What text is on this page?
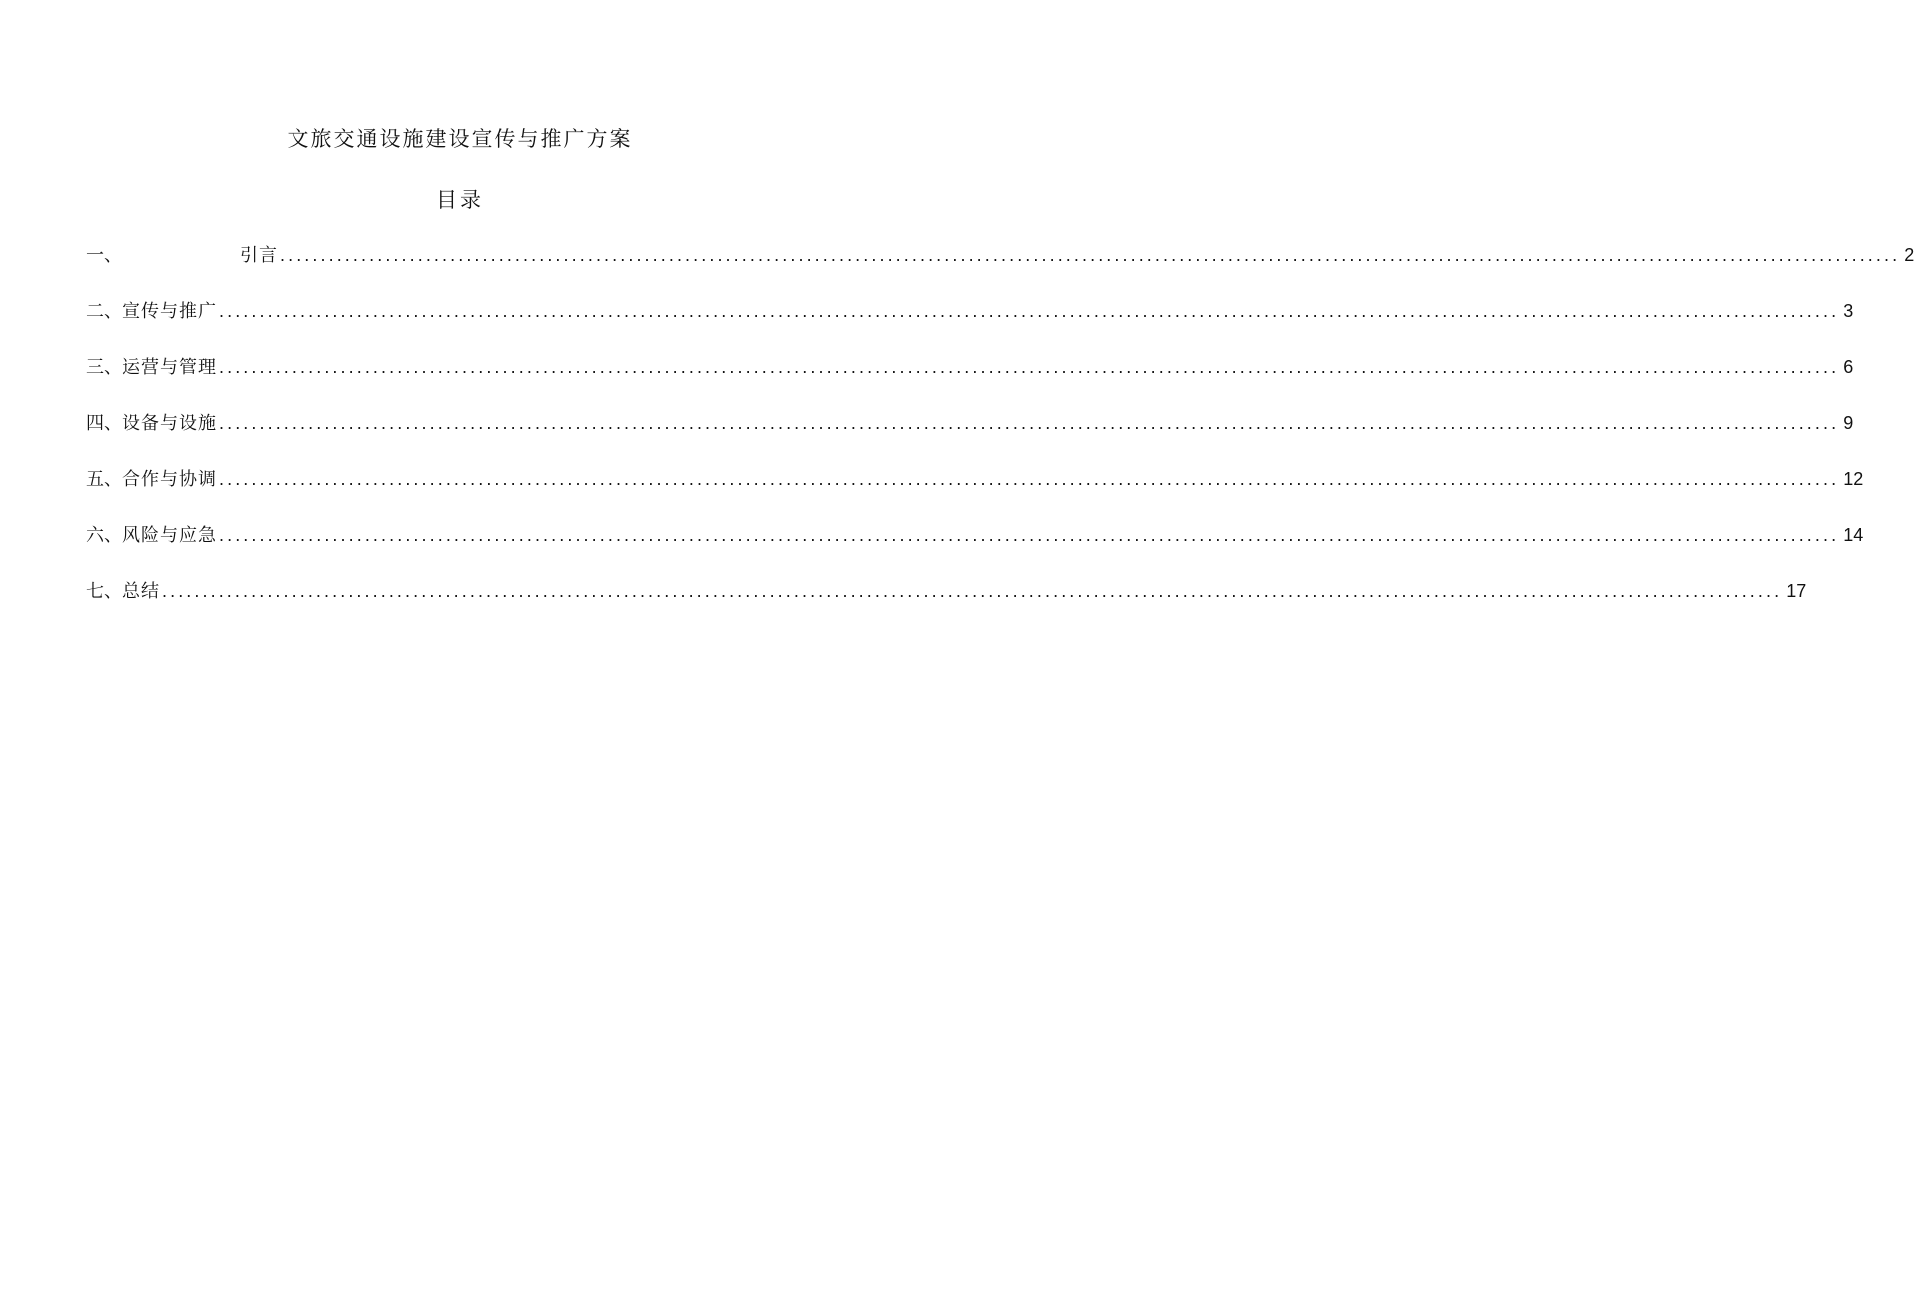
文旅交通设施建设宣传与推广方案
目录
一、	引言 ........................................................................................................................................................................................................ 2
二、 宣传与推广 ........................................................................................................................................................................................................ 3
三、 运营与管理 ........................................................................................................................................................................................................ 6
四、 设备与设施 ........................................................................................................................................................................................................ 9
五、 合作与协调 ........................................................................................................................................................................................................ 12
六、 风险与应急 ........................................................................................................................................................................................................ 14
七、 总结 ........................................................................................................................................................................................................ 17
